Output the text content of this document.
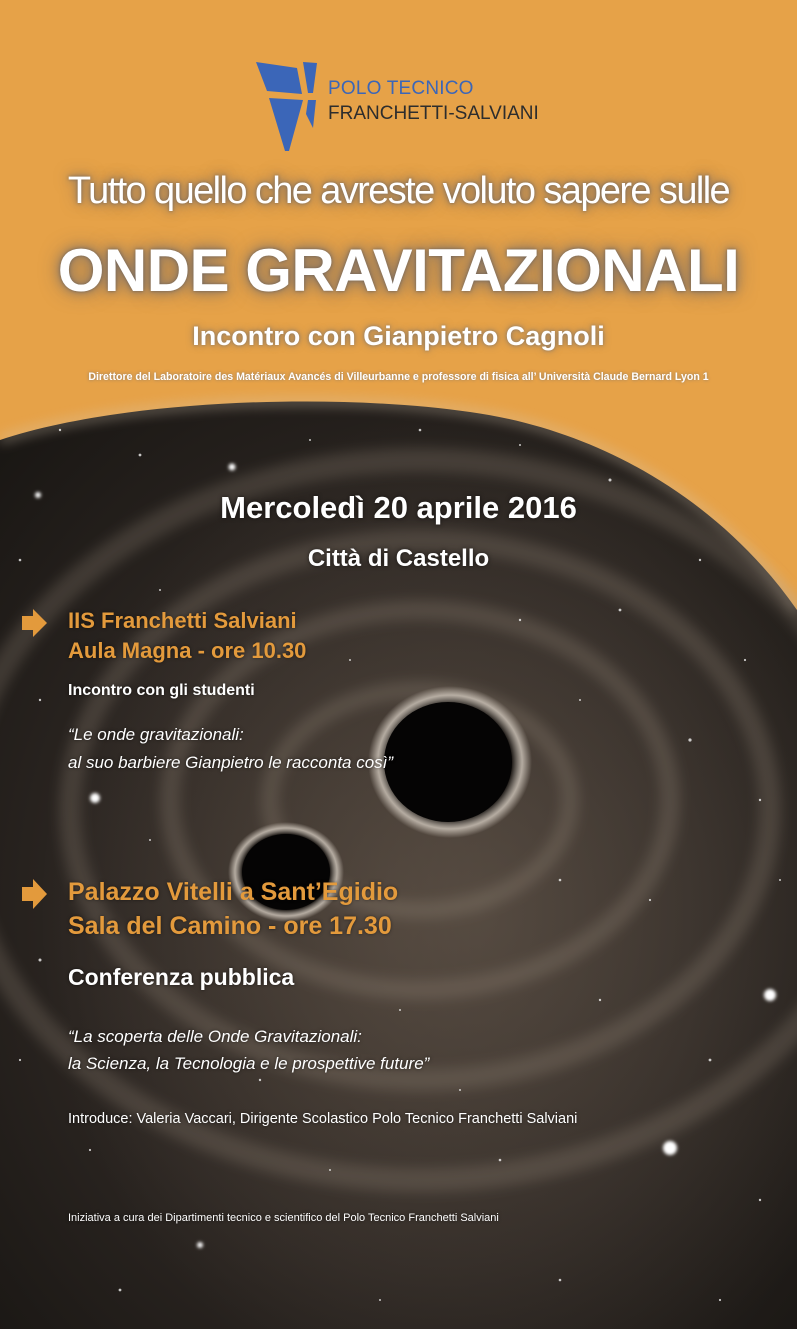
POLO TECNICO
FRANCHETTI-SALVIANI
Tutto quello che avreste voluto sapere sulle
ONDE GRAVITAZIONALI
Incontro con Gianpietro Cagnoli
Direttore del Laboratoire des Matériaux Avancés di Villeurbanne e professore di fisica all’ Università Claude Bernard Lyon 1
Mercoledì 20 aprile 2016
Città di Castello
IIS Franchetti Salviani
Aula Magna - ore 10.30
Incontro con gli studenti
“Le onde gravitazionali:
al suo barbiere Gianpietro le racconta così”
Palazzo Vitelli a Sant’Egidio
Sala del Camino - ore 17.30
Conferenza pubblica
“La scoperta delle Onde Gravitazionali:
la Scienza, la Tecnologia e le prospettive future”
Introduce: Valeria Vaccari, Dirigente Scolastico Polo Tecnico Franchetti Salviani
Iniziativa a cura dei Dipartimenti tecnico e scientifico del Polo Tecnico Franchetti Salviani
